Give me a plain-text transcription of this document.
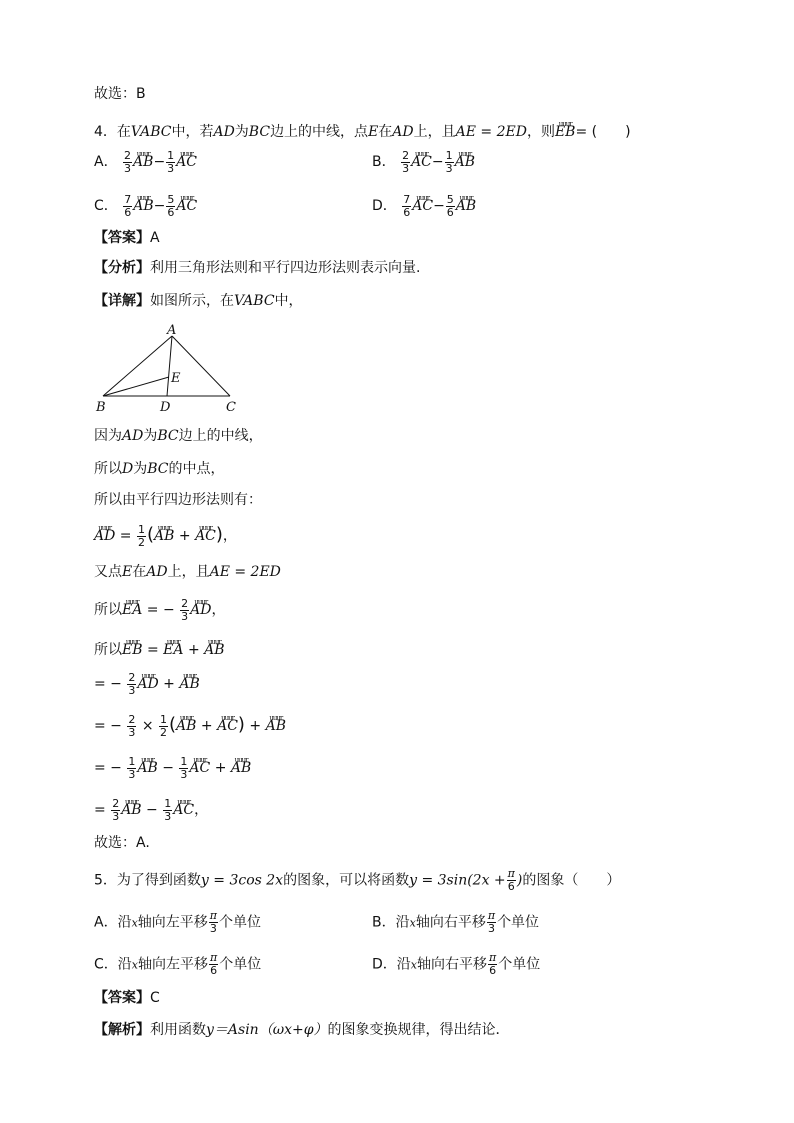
故选：B
4．在VABC中，若AD为BC边上的中线，点E在AD上，且AE = 2ED，则uuur EB= (　　)
A． $\frac{2}{3}$ uuur $AB- \frac{1}{3}$ uuur AC	B． $\frac{2}{3}$ uuur $AC- \frac{1}{3}$ uuur AB
C． $\frac{7}{6}$ uuur $AB- \frac{5}{6}$ uuur AC	D． $\frac{7}{6}$ uuur $AC- \frac{5}{6}$ uuur AB
【答案】A
【分析】利用三角形法则和平行四边形法则表示向量.
【详解】如图所示，在VABC中，
A
E
B	D	C
因为AD为BC边上的中线，
所以D为BC的中点，
所以由平行四边形法则有：
uuur AD = $\frac{1}{2}$ (uuur AB + uuur AC)，
又点E在AD上，且AE = 2ED
所以uuur EA = − $\frac{2}{3}$ uuur AD，
所以uuur EB = uuur EA + uuur AB
= − $\frac{2}{3}$ uuur AD + uuur AB
= − $\frac{2}{3} \times \frac{1}{2}$ (uuur AB + uuur AC) + uuur AB
= − $\frac{1}{3}$ uuur AB − $\frac{1}{3}$ uuur AC + uuur AB
= $\frac{2}{3}$ uuur AB − $\frac{1}{3}$ uuur AC，
故选：A.
5．为了得到函数y = 3cos 2x的图象，可以将函数$y = 3\sin(2x + \frac{\pi}{6}$ )的图象（　　）
A．沿x轴向左平移 $\frac{\pi}{3}$ 个单位	B．沿x轴向右平移 $\frac{\pi}{3}$ 个单位
C．沿x轴向左平移 $\frac{\pi}{6}$ 个单位	D．沿x轴向右平移 $\frac{\pi}{6}$ 个单位
【答案】C
【解析】利用函数y＝Asin（ωx+φ）的图象变换规律，得出结论．
